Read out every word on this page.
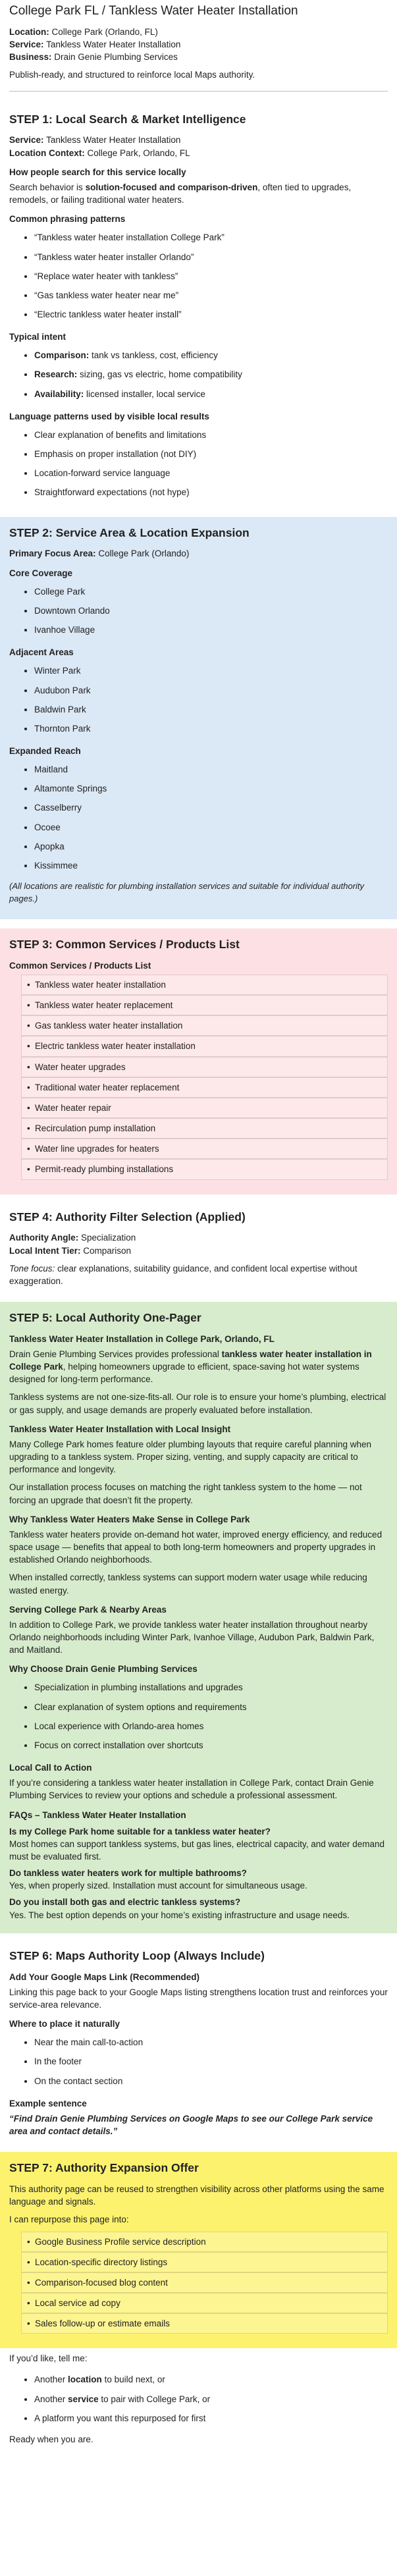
College Park FL / Tankless Water Heater Installation

Location: College Park (Orlando, FL)

Service: Tankless Water Heater Installation

Business: Drain Genie Plumbing Services

Publish-ready, and structured to reinforce local Maps authority.

STEP 1: Local Search & Market Intelligence

Service: Tankless Water Heater Installation

Location Context: College Park, Orlando, FL

How people search for this service locally

Search behavior is solution-focused and comparison-driven, often tied to upgrades, remodels, or failing traditional water heaters.

Common phrasing patterns
• “Tankless water heater installation College Park”
• “Tankless water heater installer Orlando”
• “Replace water heater with tankless”
• “Gas tankless water heater near me”
• “Electric tankless water heater install”
Typical intent
• Comparison: tank vs tankless, cost, efficiency
• Research: sizing, gas vs electric, home compatibility
• Availability: licensed installer, local service
Language patterns used by visible local results
• Clear explanation of benefits and limitations
• Emphasis on proper installation (not DIY)
• Location-forward service language
• Straightforward expectations (not hype)
STEP 2: Service Area & Location Expansion

Primary Focus Area: College Park (Orlando)

Core Coverage
• College Park
• Downtown Orlando
• Ivanhoe Village
Adjacent Areas
• Winter Park
• Audubon Park
• Baldwin Park
• Thornton Park
Expanded Reach
• Maitland
• Altamonte Springs
• Casselberry
• Ocoee
• Apopka
• Kissimmee

(All locations are realistic for plumbing installation services and suitable for individual authority pages.)

STEP 3: Common Services / Products List
Common Services / Products List
• Tankless water heater installation
• Tankless water heater replacement
• Gas tankless water heater installation
• Electric tankless water heater installation
• Water heater upgrades
• Traditional water heater replacement
• Water heater repair
• Recirculation pump installation
• Water line upgrades for heaters
• Permit-ready plumbing installations
STEP 4: Authority Filter Selection (Applied)

Authority Angle: Specialization

Local Intent Tier: Comparison

Tone focus: clear explanations, suitability guidance, and confident local expertise without exaggeration.

STEP 5: Local Authority One-Pager
Tankless Water Heater Installation in College Park, Orlando, FL

Drain Genie Plumbing Services provides professional tankless water heater installation in College Park, helping homeowners upgrade to efficient, space-saving hot water systems designed for long-term performance.

Tankless systems are not one-size-fits-all. Our role is to ensure your home’s plumbing, electrical or gas supply, and usage demands are properly evaluated before installation.

Tankless Water Heater Installation with Local Insight

Many College Park homes feature older plumbing layouts that require careful planning when upgrading to a tankless system. Proper sizing, venting, and supply capacity are critical to performance and longevity.

Our installation process focuses on matching the right tankless system to the home — not forcing an upgrade that doesn’t fit the property.

Why Tankless Water Heaters Make Sense in College Park

Tankless water heaters provide on-demand hot water, improved energy efficiency, and reduced space usage — benefits that appeal to both long-term homeowners and property upgrades in established Orlando neighborhoods.

When installed correctly, tankless systems can support modern water usage while reducing wasted energy.

Serving College Park & Nearby Areas

In addition to College Park, we provide tankless water heater installation throughout nearby Orlando neighborhoods including Winter Park, Ivanhoe Village, Audubon Park, Baldwin Park, and Maitland.

Why Choose Drain Genie Plumbing Services
• Specialization in plumbing installations and upgrades
• Clear explanation of system options and requirements
• Local experience with Orlando-area homes
• Focus on correct installation over shortcuts
Local Call to Action

If you’re considering a tankless water heater installation in College Park, contact Drain Genie Plumbing Services to review your options and schedule a professional assessment.

FAQs – Tankless Water Heater Installation

Is my College Park home suitable for a tankless water heater?

Most homes can support tankless systems, but gas lines, electrical capacity, and water demand must be evaluated first.

Do tankless water heaters work for multiple bathrooms?

Yes, when properly sized. Installation must account for simultaneous usage.

Do you install both gas and electric tankless systems?

Yes. The best option depends on your home’s existing infrastructure and usage needs.

STEP 6: Maps Authority Loop (Always Include)
Add Your Google Maps Link (Recommended)

Linking this page back to your Google Maps listing strengthens location trust and reinforces your service-area relevance.

Where to place it naturally
• Near the main call-to-action
• In the footer
• On the contact section
Example sentence

“Find Drain Genie Plumbing Services on Google Maps to see our College Park service area and contact details.”

STEP 7: Authority Expansion Offer

This authority page can be reused to strengthen visibility across other platforms using the same language and signals.

I can repurpose this page into:

• Google Business Profile service description
• Location-specific directory listings
• Comparison-focused blog content
• Local service ad copy
• Sales follow-up or estimate emails

If you’d like, tell me:

• Another location to build next, or
• Another service to pair with College Park, or
• A platform you want this repurposed for first

Ready when you are.
